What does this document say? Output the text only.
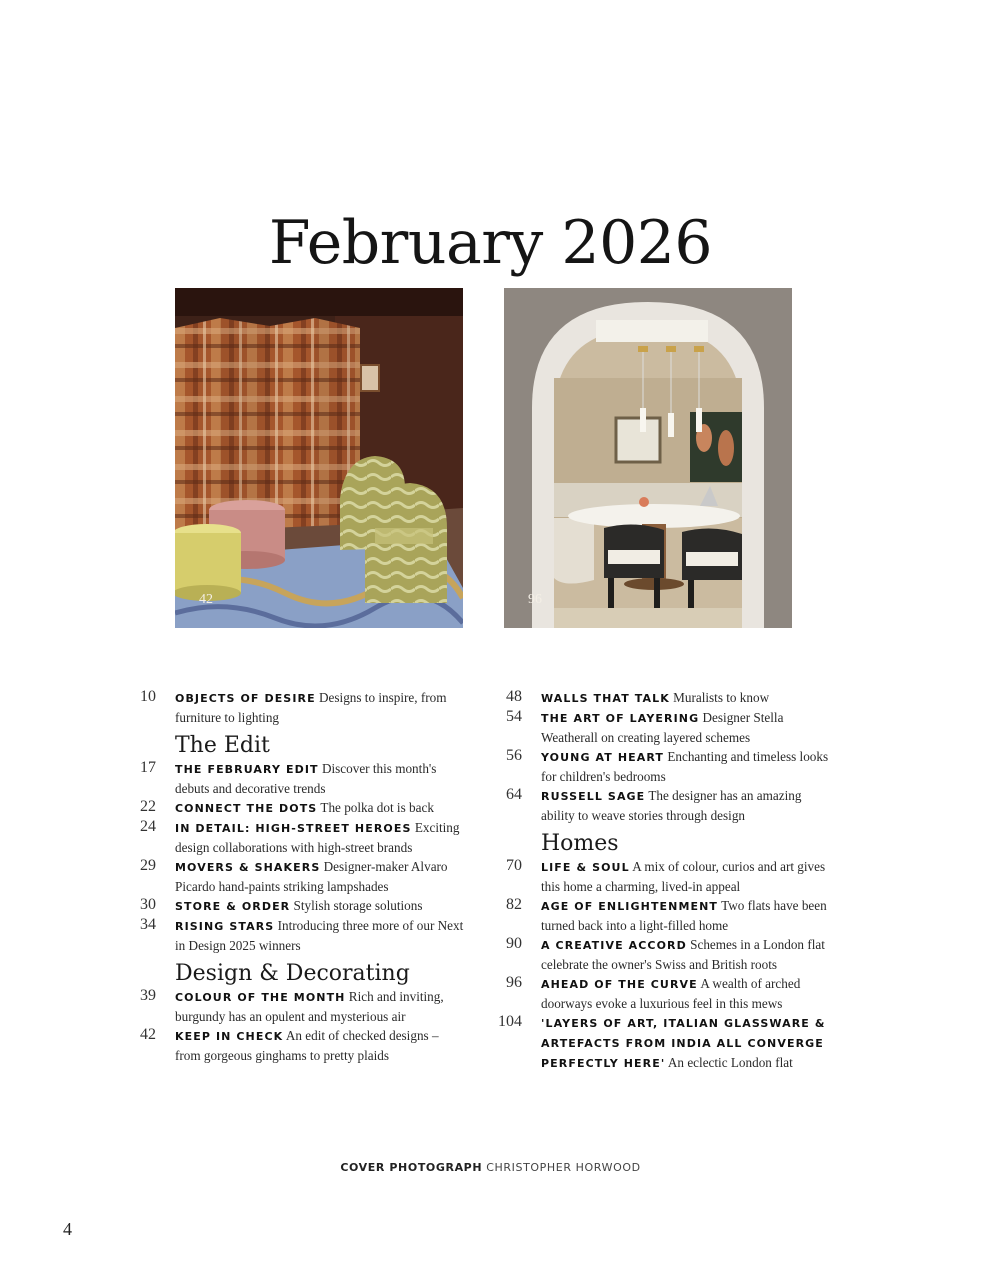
February 2026
42	96
10 OBJECTS OF DESIRE Designs to inspire, from furniture to lighting
The Edit
17 THE FEBRUARY EDIT Discover this month's debuts and decorative trends
22 CONNECT THE DOTS The polka dot is back
24 IN DETAIL: HIGH-STREET HEROES Exciting design collaborations with high-street brands
29 MOVERS & SHAKERS Designer-maker Alvaro Picardo hand-paints striking lampshades
30 STORE & ORDER Stylish storage solutions
34 RISING STARS Introducing three more of our Next in Design 2025 winners
Design & Decorating
39 COLOUR OF THE MONTH Rich and inviting, burgundy has an opulent and mysterious air
42 KEEP IN CHECK An edit of checked designs – from gorgeous ginghams to pretty plaids
48 WALLS THAT TALK Muralists to know
54 THE ART OF LAYERING Designer Stella Weatherall on creating layered schemes
56 YOUNG AT HEART Enchanting and timeless looks for children's bedrooms
64 RUSSELL SAGE The designer has an amazing ability to weave stories through design
Homes
70 LIFE & SOUL A mix of colour, curios and art gives this home a charming, lived-in appeal
82 AGE OF ENLIGHTENMENT Two flats have been turned back into a light-filled home
90 A CREATIVE ACCORD Schemes in a London flat celebrate the owner's Swiss and British roots
96 AHEAD OF THE CURVE A wealth of arched doorways evoke a luxurious feel in this mews
104 'LAYERS OF ART, ITALIAN GLASSWARE & ARTEFACTS FROM INDIA ALL CONVERGE PERFECTLY HERE' An eclectic London flat
COVER PHOTOGRAPH CHRISTOPHER HORWOOD
4
